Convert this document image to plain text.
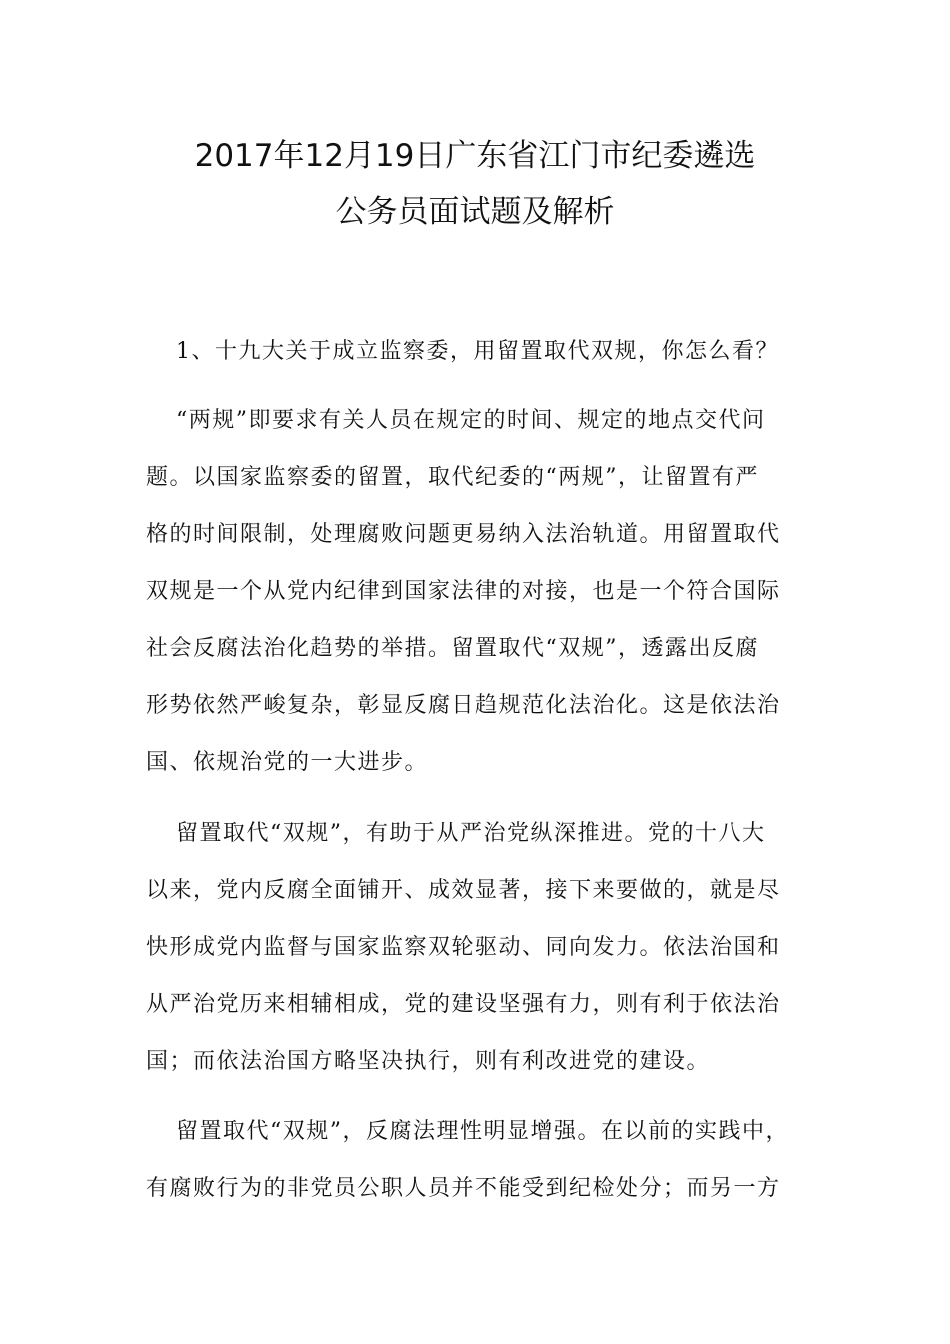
2017年12月19日广东省江门市纪委遴选
公务员面试题及解析
1、十九大关于成立监察委，用留置取代双规，你怎么看？
“两规”即要求有关人员在规定的时间、规定的地点交代问
题。以国家监察委的留置，取代纪委的“两规”，让留置有严
格的时间限制，处理腐败问题更易纳入法治轨道。用留置取代
双规是一个从党内纪律到国家法律的对接，也是一个符合国际
社会反腐法治化趋势的举措。留置取代“双规”，透露出反腐
形势依然严峻复杂，彰显反腐日趋规范化法治化。这是依法治
国、依规治党的一大进步。
留置取代“双规”，有助于从严治党纵深推进。党的十八大
以来，党内反腐全面铺开、成效显著，接下来要做的，就是尽
快形成党内监督与国家监察双轮驱动、同向发力。依法治国和
从严治党历来相辅相成，党的建设坚强有力，则有利于依法治
国；而依法治国方略坚决执行，则有利改进党的建设。
留置取代“双规”，反腐法理性明显增强。在以前的实践中，
有腐败行为的非党员公职人员并不能受到纪检处分；而另一方
